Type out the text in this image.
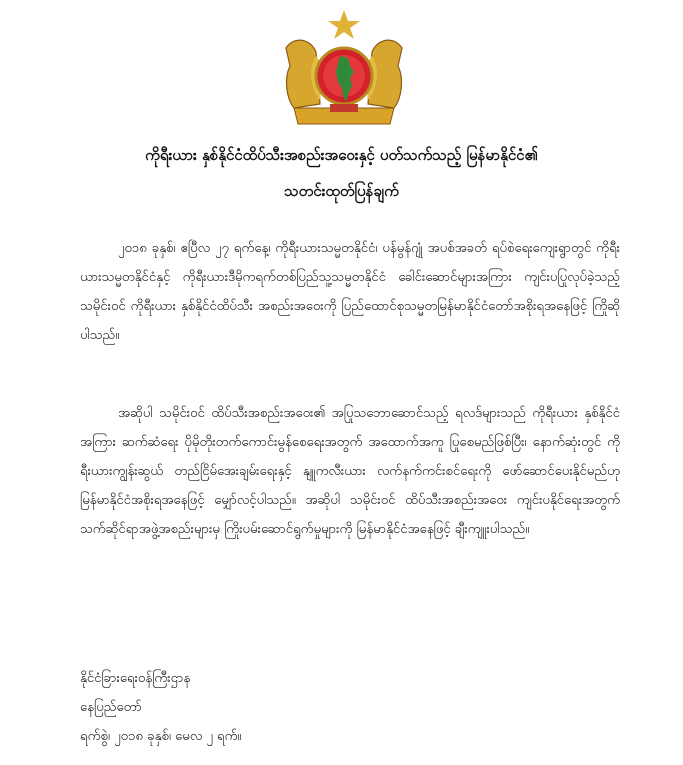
ကိုရီးယား နှစ်နိုင်ငံထိပ်သီးအစည်းအဝေးနှင့် ပတ်သက်သည့် မြန်မာနိုင်ငံ၏
သတင်းထုတ်ပြန်ချက်
၂၀၁၈ ခုနှစ်၊ ဧပြီလ ၂၇ ရက်နေ့၊ ကိုရီးယားသမ္မတနိုင်ငံ၊ ပန်မွန်ဂျုံ အပစ်အခတ် ရပ်စဲရေးကျေးရွာတွင် ကိုရီးယားသမ္မတနိုင်ငံနှင့် ကိုရီးယားဒီမိုကရက်တစ်ပြည်သူ့သမ္မတနိုင်ငံ ခေါင်းဆောင်များအကြား ကျင်းပပြုလုပ်ခဲ့သည့် သမိုင်းဝင် ကိုရီးယား နှစ်နိုင်ငံထိပ်သီး အစည်းအဝေးကို ပြည်ထောင်စုသမ္မတမြန်မာနိုင်ငံတော်အစိုးရအနေဖြင့် ကြိုဆိုပါသည်။
အဆိုပါ သမိုင်းဝင် ထိပ်သီးအစည်းအဝေး၏ အပြုသဘောဆောင်သည့် ရလဒ်များသည် ကိုရီးယား နှစ်နိုင်ငံအကြား ဆက်ဆံရေး ပိုမိုတိုးတက်ကောင်းမွန်စေရေးအတွက် အထောက်အကူ ပြုစေမည်ဖြစ်ပြီး၊ နောက်ဆုံးတွင် ကိုရီးယားကျွန်းဆွယ် တည်ငြိမ်အေးချမ်းရေးနှင့် နျူကလီးယား လက်နက်ကင်းစင်ရေးကို ဖော်ဆောင်ပေးနိုင်မည်ဟု မြန်မာနိုင်ငံအစိုးရအနေဖြင့် မျှော်လင့်ပါသည်။ အဆိုပါ သမိုင်းဝင် ထိပ်သီးအစည်းအဝေး ကျင်းပနိုင်ရေးအတွက် သက်ဆိုင်ရာအဖွဲ့အစည်းများမှ ကြိုးပမ်းဆောင်ရွက်မှုများကို မြန်မာနိုင်ငံအနေဖြင့် ချီးကျူးပါသည်။
နိုင်ငံခြားရေးဝန်ကြီးဌာန
နေပြည်တော်
ရက်စွဲ၊ ၂၀၁၈ ခုနှစ်၊ မေလ ၂ ရက်။
